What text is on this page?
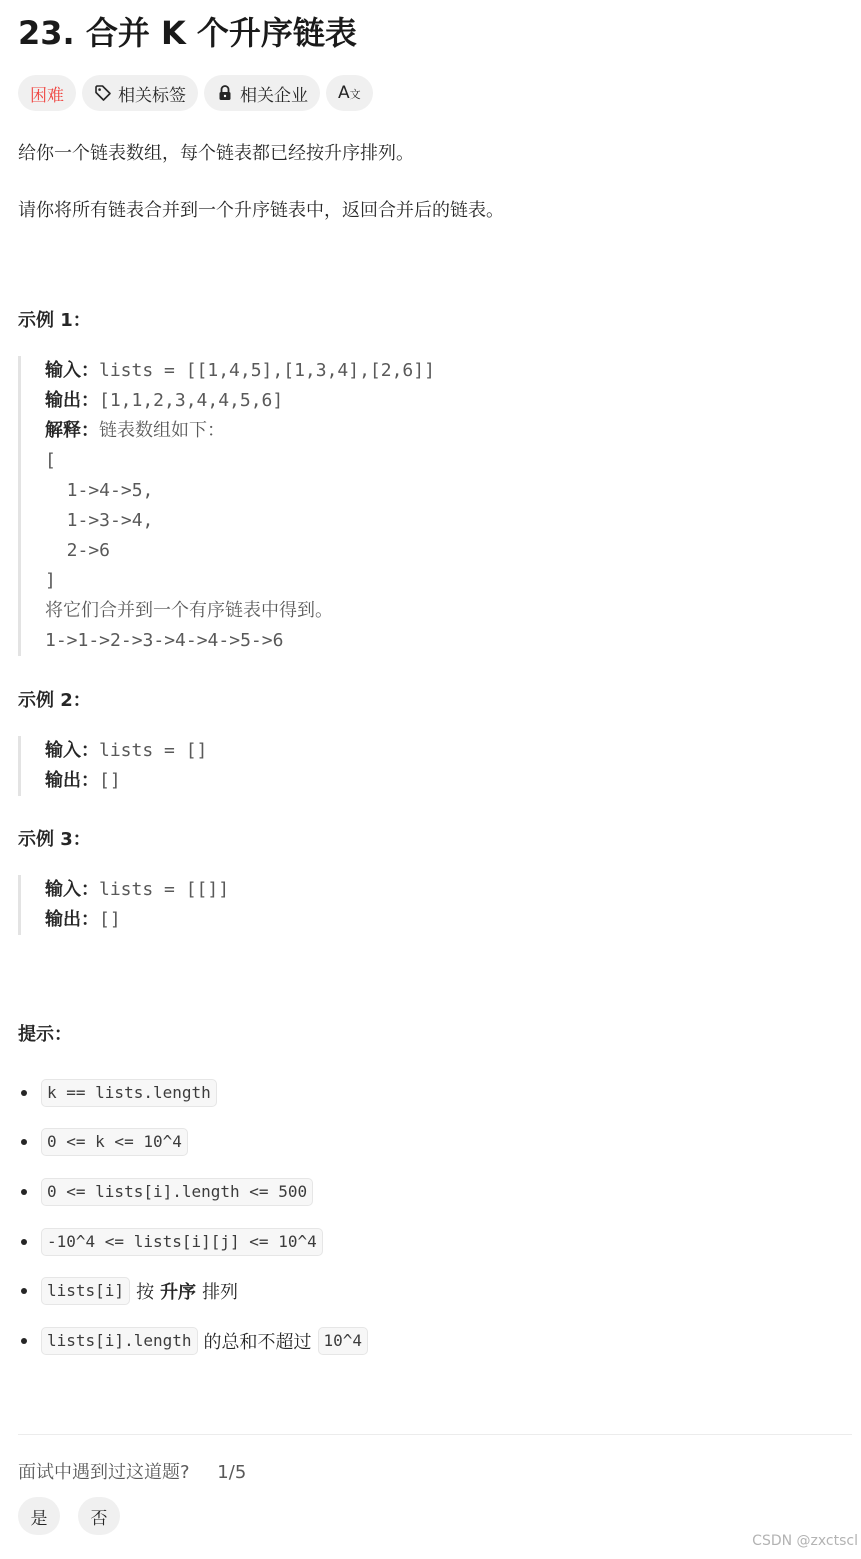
23. 合并 K 个升序链表
困难	相关标签	相关企业 A文
给你一个链表数组，每个链表都已经按升序排列。
请你将所有链表合并到一个升序链表中，返回合并后的链表。
示例 1：
输入：lists = [[1,4,5],[1,3,4],[2,6]]
输出：[1,1,2,3,4,4,5,6]
解释：链表数组如下：
[
1->4->5,
1->3->4,
2->6
]
将它们合并到一个有序链表中得到。
1->1->2->3->4->4->5->6
示例 2：
输入：lists = []
输出：[]
示例 3：
输入：lists = [[]]
输出：[]
提示：
k == lists.length
0 <= k <= 10^4
0 <= lists[i].length <= 500
-10^4 <= lists[i][j] <= 10^4
lists[i] 按 升序 排列
lists[i].length 的总和不超过 10^4
面试中遇到过这道题? 1/5
是	否
CSDN @zxctscl
